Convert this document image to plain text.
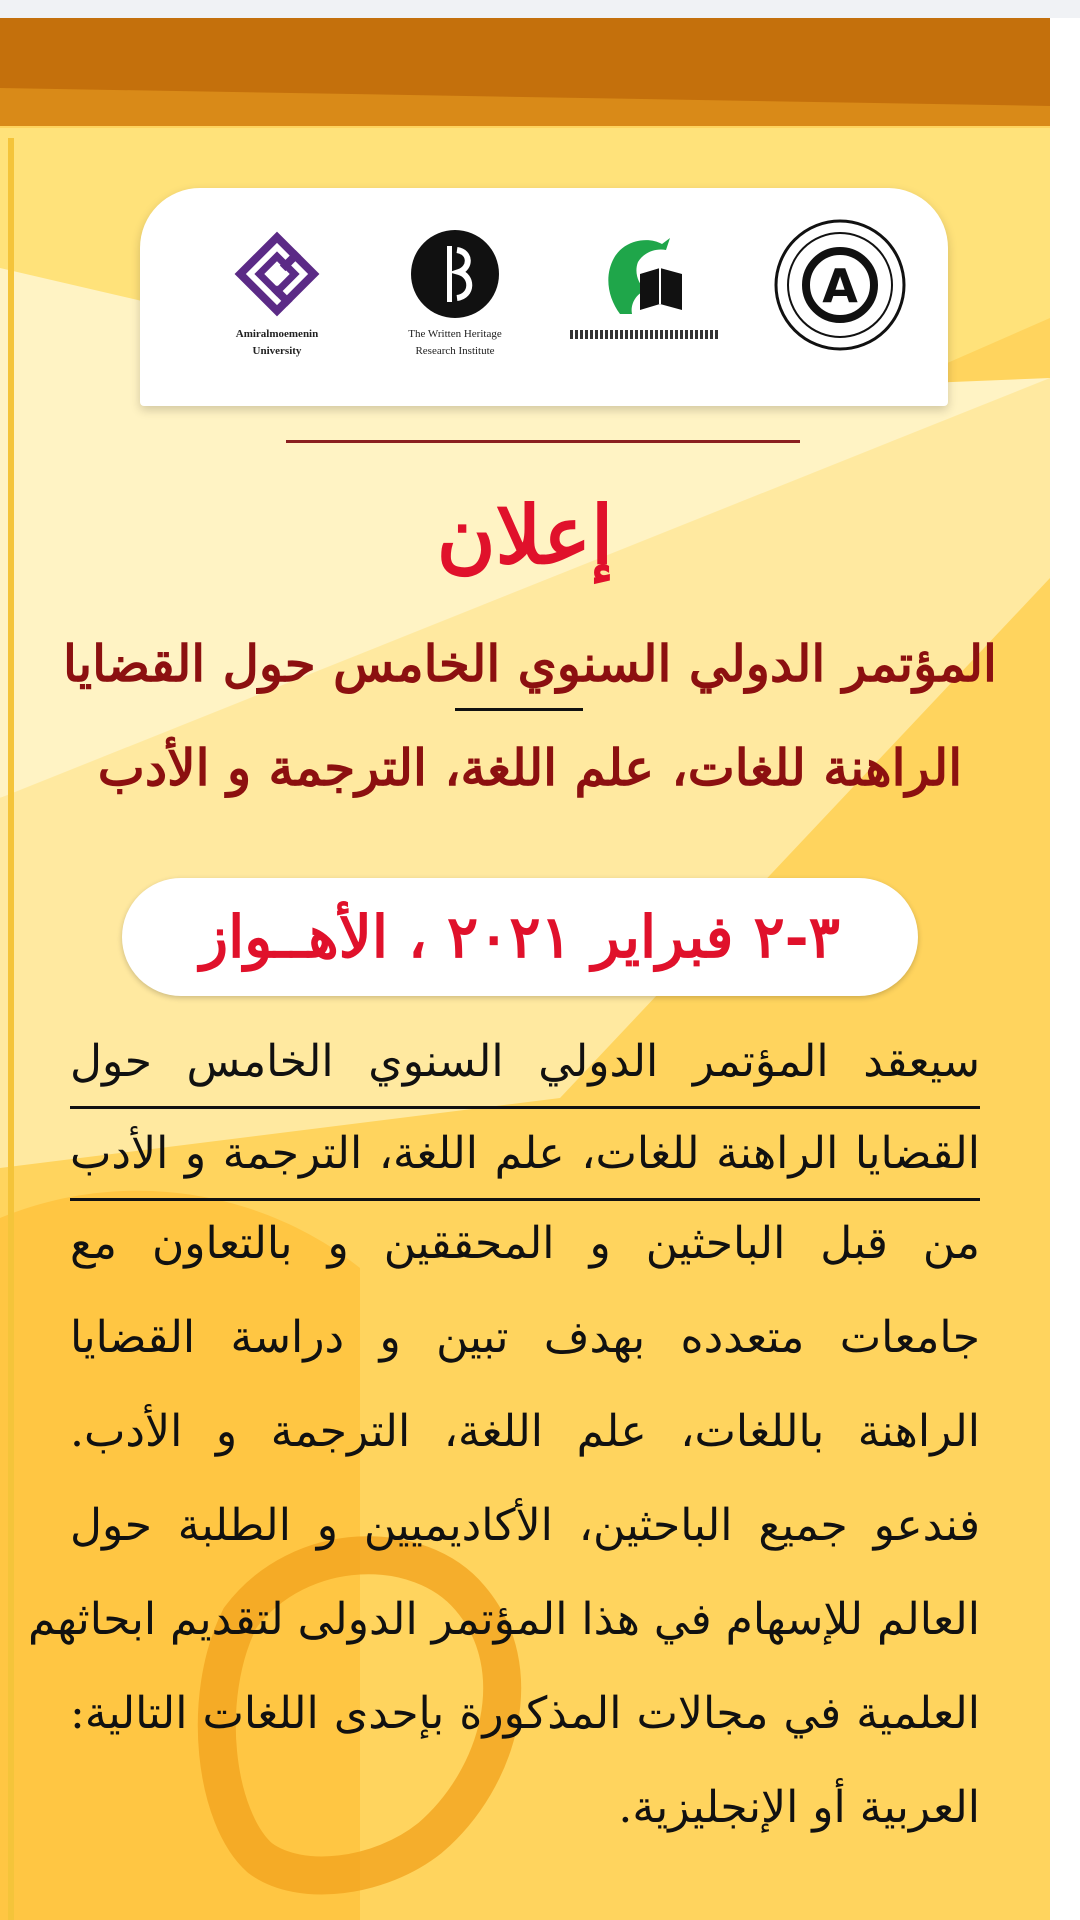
Amiralmoemenin
University
The Written Heritage
Research Institute
A
إعلان
المؤتمر الدولي السنوي الخامس حول القضايا
الراهنة للغات، علم اللغة، الترجمة و الأدب
٣-٢ فبراير ٢٠٢١ ، الأهــواز
سيعقد المؤتمر الدولي السنوي الخامس حول
القضايا الراهنة للغات، علم اللغة، الترجمة و الأدب
من قبل الباحثين و المحققين و بالتعاون مع
جامعات متعدده بهدف تبين و دراسة القضايا
الراهنة باللغات، علم اللغة، الترجمة و الأدب.
فندعو جميع الباحثين، الأكاديميين و الطلبة حول
العالم للإسهام في هذا المؤتمر الدولى لتقديم ابحاثهم
العلمية في مجالات المذكورة بإحدى اللغات التالية:
العربية أو الإنجليزية.
